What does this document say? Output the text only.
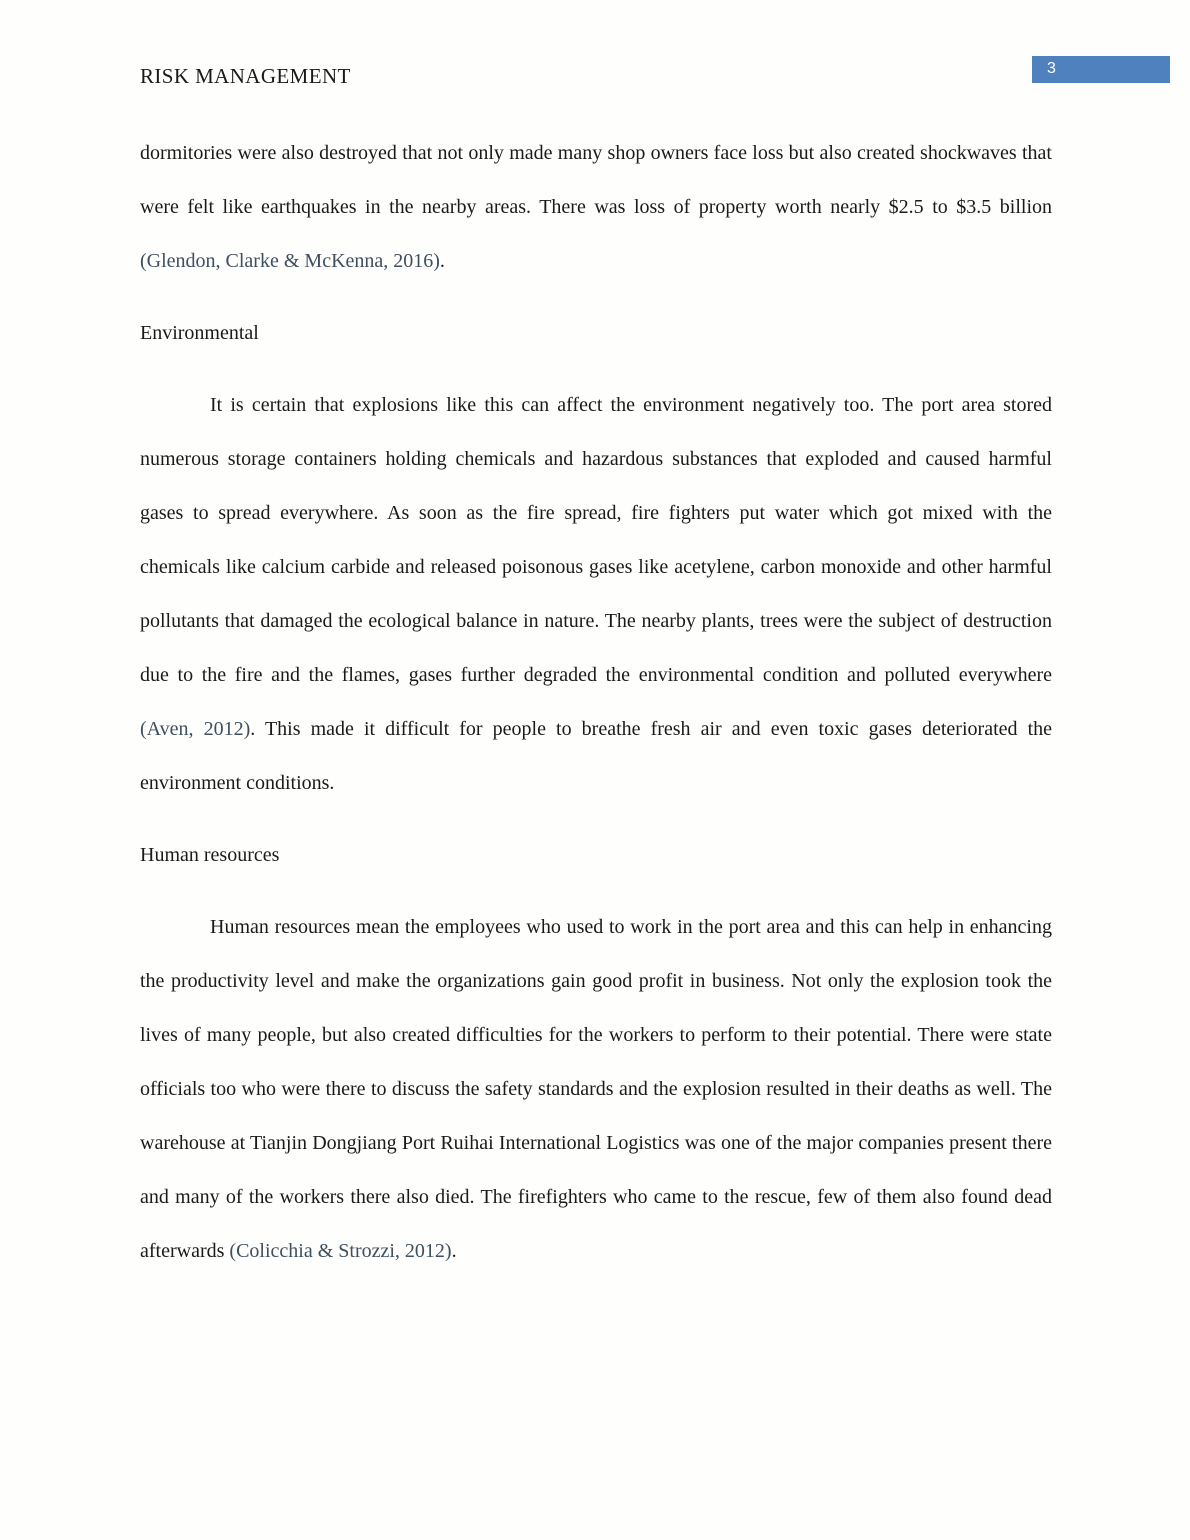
RISK MANAGEMENT	3

dormitories were also destroyed that not only made many shop owners face loss but also created shockwaves that were felt like earthquakes in the nearby areas. There was loss of property worth nearly $2.5 to $3.5 billion (Glendon, Clarke & McKenna, 2016).

Environmental

It is certain that explosions like this can affect the environment negatively too. The port area stored numerous storage containers holding chemicals and hazardous substances that exploded and caused harmful gases to spread everywhere. As soon as the fire spread, fire fighters put water which got mixed with the chemicals like calcium carbide and released poisonous gases like acetylene, carbon monoxide and other harmful pollutants that damaged the ecological balance in nature. The nearby plants, trees were the subject of destruction due to the fire and the flames, gases further degraded the environmental condition and polluted everywhere (Aven, 2012). This made it difficult for people to breathe fresh air and even toxic gases deteriorated the environment conditions.

Human resources

Human resources mean the employees who used to work in the port area and this can help in enhancing the productivity level and make the organizations gain good profit in business. Not only the explosion took the lives of many people, but also created difficulties for the workers to perform to their potential. There were state officials too who were there to discuss the safety standards and the explosion resulted in their deaths as well. The warehouse at Tianjin Dongjiang Port Ruihai International Logistics was one of the major companies present there and many of the workers there also died. The firefighters who came to the rescue, few of them also found dead afterwards (Colicchia & Strozzi, 2012).
